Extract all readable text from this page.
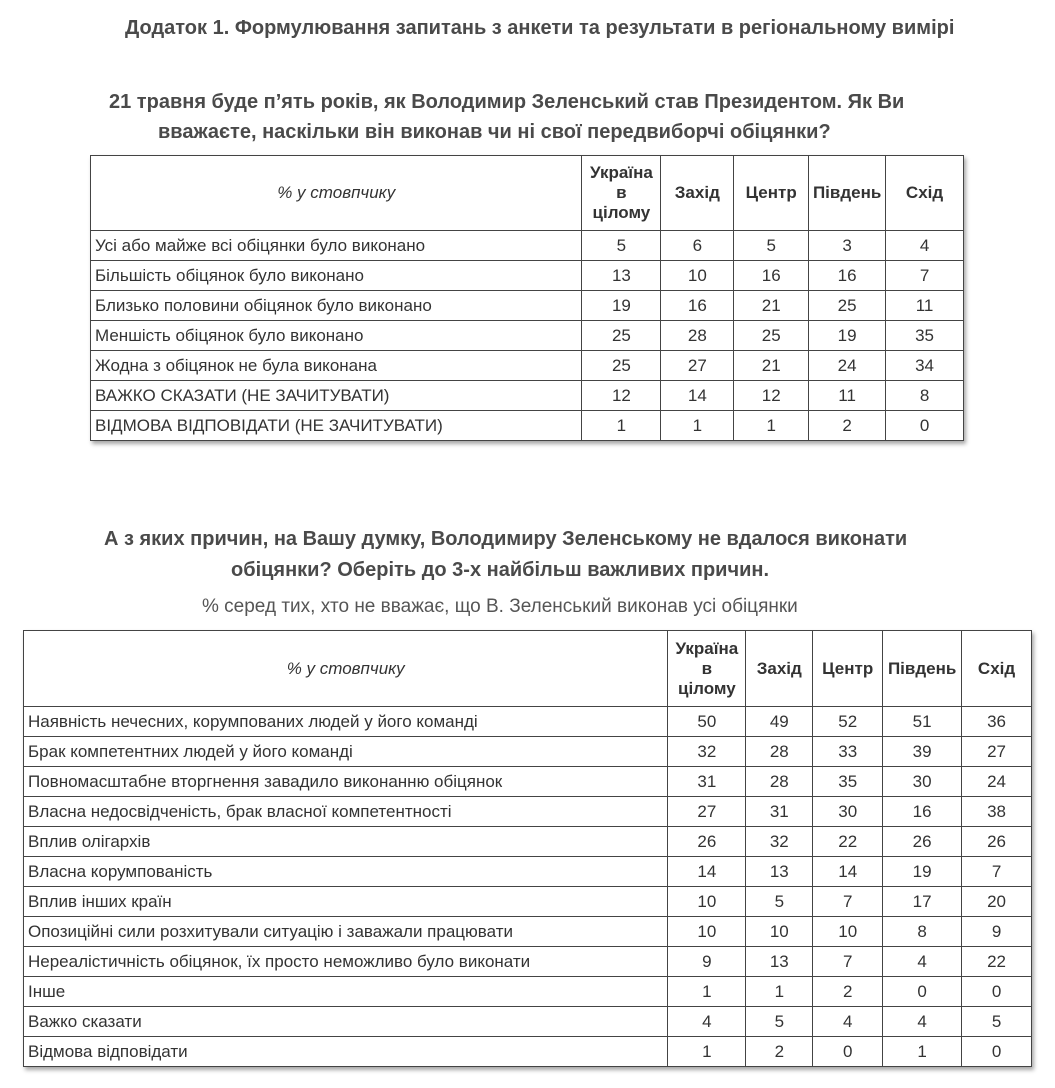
Додаток 1. Формулювання запитань з анкети та результати в регіональному вимірі
21 травня буде п’ять років, як Володимир Зеленський став Президентом. Як Ви
вважаєте, наскільки він виконав чи ні свої передвиборчі обіцянки?
% у стовпчику	Україна в цілому	Захід	Центр	Південь	Схід
Усі або майже всі обіцянки було виконано	5	6	5	3	4
Більшість обіцянок було виконано	13	10	16	16	7
Близько половини обіцянок було виконано	19	16	21	25	11
Меншість обіцянок було виконано	25	28	25	19	35
Жодна з обіцянок не була виконана	25	27	21	24	34
ВАЖКО СКАЗАТИ (НЕ ЗАЧИТУВАТИ)	12	14	12	11	8
ВІДМОВА ВІДПОВІДАТИ (НЕ ЗАЧИТУВАТИ)	1	1	1	2	0
А з яких причин, на Вашу думку, Володимиру Зеленському не вдалося виконати
обіцянки? Оберіть до 3-х найбільш важливих причин.
% серед тих, хто не вважає, що В. Зеленський виконав усі обіцянки
% у стовпчику	Україна в цілому	Захід	Центр	Південь	Схід
Наявність нечесних, корумпованих людей у його команді	50	49	52	51	36
Брак компетентних людей у його команді	32	28	33	39	27
Повномасштабне вторгнення завадило виконанню обіцянок	31	28	35	30	24
Власна недосвідченість, брак власної компетентності	27	31	30	16	38
Вплив олігархів	26	32	22	26	26
Власна корумпованість	14	13	14	19	7
Вплив інших країн	10	5	7	17	20
Опозиційні сили розхитували ситуацію і заважали працювати	10	10	10	8	9
Нереалістичність обіцянок, їх просто неможливо було виконати	9	13	7	4	22
Інше	1	1	2	0	0
Важко сказати	4	5	4	4	5
Відмова відповідати	1	2	0	1	0
